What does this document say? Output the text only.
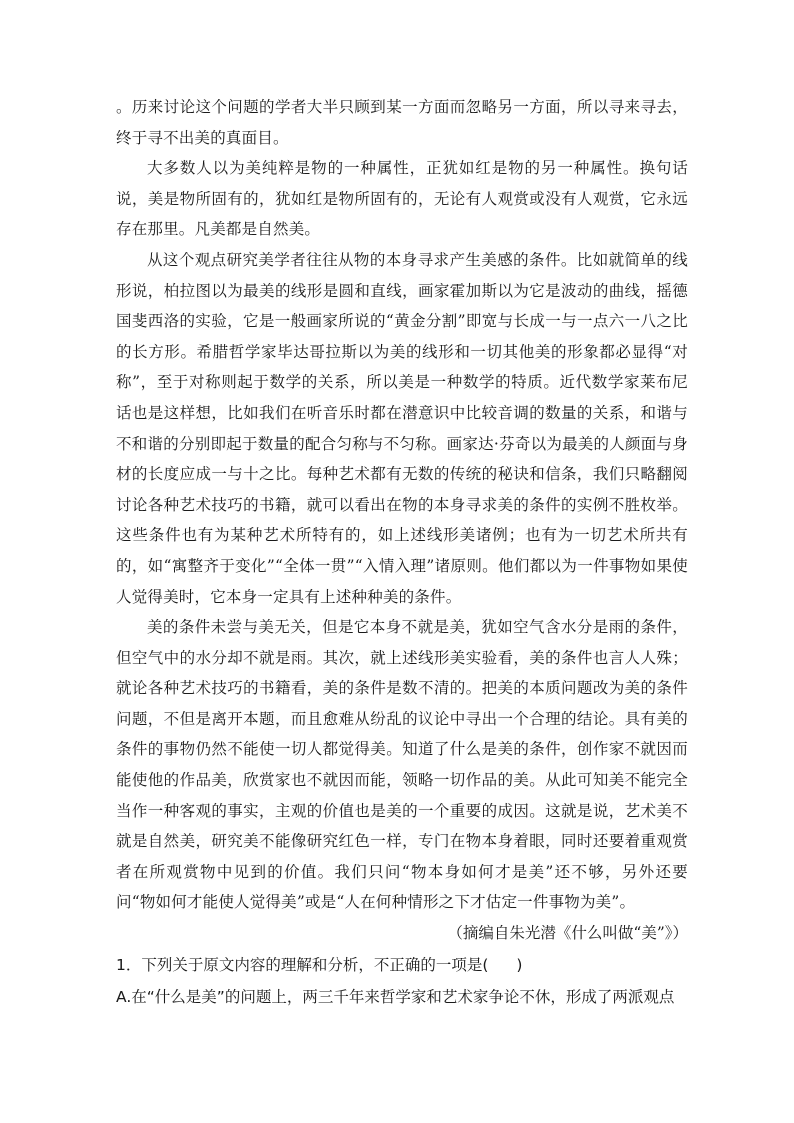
。历来讨论这个问题的学者大半只顾到某一方面而忽略另一方面，所以寻来寻去，终于寻不出美的真面目。

大多数人以为美纯粹是物的一种属性，正犹如红是物的另一种属性。换句话说，美是物所固有的，犹如红是物所固有的，无论有人观赏或没有人观赏，它永远存在那里。凡美都是自然美。

从这个观点研究美学者往往从物的本身寻求产生美感的条件。比如就简单的线形说，柏拉图以为最美的线形是圆和直线，画家霍加斯以为它是波动的曲线，摇德国斐西洛的实验，它是一般画家所说的“黄金分割”即宽与长成一与一点六一八之比的长方形。希腊哲学家毕达哥拉斯以为美的线形和一切其他美的形象都必显得“对称”，至于对称则起于数学的关系，所以美是一种数学的特质。近代数学家莱布尼话也是这样想，比如我们在听音乐时都在潜意识中比较音调的数量的关系，和谐与不和谐的分别即起于数量的配合匀称与不匀称。画家达·芬奇以为最美的人颜面与身材的长度应成一与十之比。每种艺术都有无数的传统的秘诀和信条，我们只略翻阅讨论各种艺术技巧的书籍，就可以看出在物的本身寻求美的条件的实例不胜枚举。这些条件也有为某种艺术所特有的，如上述线形美诸例；也有为一切艺术所共有的，如“寓整齐于变化”“全体一贯”“入情入理”诸原则。他们都以为一件事物如果使人觉得美时，它本身一定具有上述种种美的条件。

美的条件未尝与美无关，但是它本身不就是美，犹如空气含水分是雨的条件，但空气中的水分却不就是雨。其次，就上述线形美实验看，美的条件也言人人殊；就论各种艺术技巧的书籍看，美的条件是数不清的。把美的本质问题改为美的条件问题，不但是离开本题，而且愈难从纷乱的议论中寻出一个合理的结论。具有美的条件的事物仍然不能使一切人都觉得美。知道了什么是美的条件，创作家不就因而能使他的作品美，欣赏家也不就因而能，领略一切作品的美。从此可知美不能完全当作一种客观的事实，主观的价值也是美的一个重要的成因。这就是说，艺术美不就是自然美，研究美不能像研究红色一样，专门在物本身着眼，同时还要着重观赏者在所观赏物中见到的价值。我们只问“物本身如何才是美”还不够，另外还要问“物如何才能使人觉得美”或是“人在何种情形之下才估定一件事物为美”。

（摘编自朱光潜《什么叫做“美”》）

1．下列关于原文内容的理解和分析，不正确的一项是( )

A.在“什么是美”的问题上，两三千年来哲学家和艺术家争论不休，形成了两派观点
